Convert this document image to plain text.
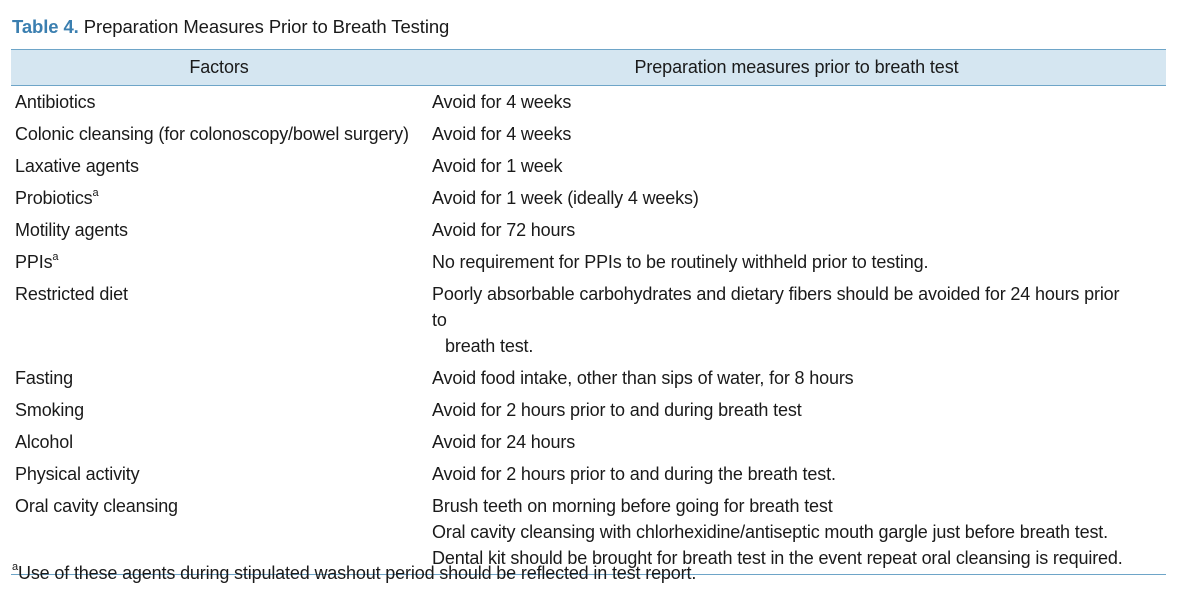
Table 4. Preparation Measures Prior to Breath Testing
Factors	Preparation measures prior to breath test
Antibiotics	Avoid for 4 weeks

Colonic cleansing (for colonoscopy/bowel surgery)	Avoid for 4 weeks

Laxative agents	Avoid for 1 week

Probiotics$^a$	Avoid for 1 week (ideally 4 weeks)

Motility agents	Avoid for 72 hours

PPIs$^a$	No requirement for PPIs to be routinely withheld prior to testing.

Restricted diet	Poorly absorbable carbohydrates and dietary fibers should be avoided for 24 hours prior to
breath test.

Fasting	Avoid food intake, other than sips of water, for 8 hours

Smoking	Avoid for 2 hours prior to and during breath test

Alcohol	Avoid for 24 hours

Physical activity	Avoid for 2 hours prior to and during the breath test.

Oral cavity cleansing	Brush teeth on morning before going for breath test
Oral cavity cleansing with chlorhexidine/antiseptic mouth gargle just before breath test.
Dental kit should be brought for breath test in the event repeat oral cleansing is required.
$^a$Use of these agents during stipulated washout period should be reflected in test report.
